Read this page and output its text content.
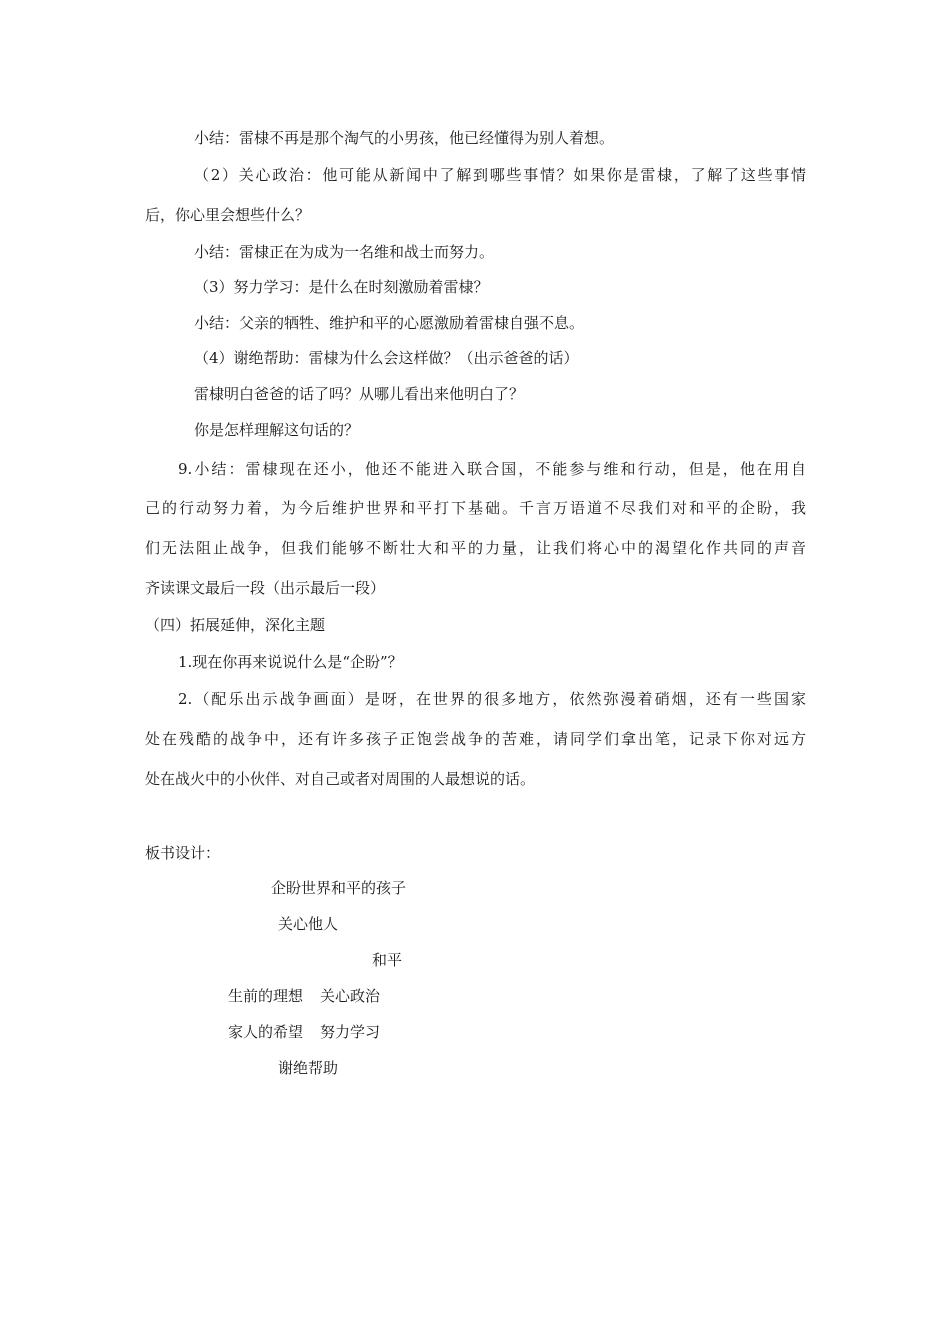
小结：雷棣不再是那个淘气的小男孩，他已经懂得为别人着想。
（2）关心政治：他可能从新闻中了解到哪些事情？如果你是雷棣，了解了这些事情
后，你心里会想些什么？
小结：雷棣正在为成为一名维和战士而努力。
（3）努力学习：是什么在时刻激励着雷棣？
小结：父亲的牺牲、维护和平的心愿激励着雷棣自强不息。
（4）谢绝帮助：雷棣为什么会这样做？（出示爸爸的话）
雷棣明白爸爸的话了吗？从哪儿看出来他明白了？
你是怎样理解这句话的？
9.小结：雷棣现在还小，他还不能进入联合国，不能参与维和行动，但是，他在用自
己的行动努力着，为今后维护世界和平打下基础。千言万语道不尽我们对和平的企盼，我
们无法阻止战争，但我们能够不断壮大和平的力量，让我们将心中的渴望化作共同的声音
齐读课文最后一段（出示最后一段）
（四）拓展延伸，深化主题
1.现在你再来说说什么是“企盼”？
2.（配乐出示战争画面）是呀，在世界的很多地方，依然弥漫着硝烟，还有一些国家
处在残酷的战争中，还有许多孩子正饱尝战争的苦难，请同学们拿出笔，记录下你对远方
处在战火中的小伙伴、对自己或者对周围的人最想说的话。
板书设计：
企盼世界和平的孩子
关心他人
和平
生前的理想 关心政治
家人的希望 努力学习
谢绝帮助
